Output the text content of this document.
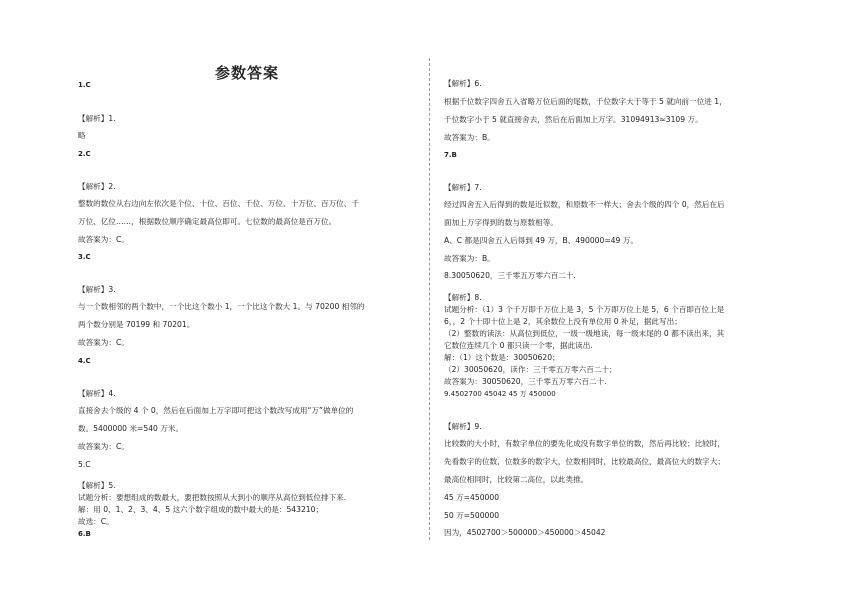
参数答案
1.C
【解析】1.
略
2.C
【解析】2.
整数的数位从右边向左依次是个位、十位、百位、千位、万位、十万位、百万位、千
万位、亿位……，根据数位顺序确定最高位即可。七位数的最高位是百万位。
故答案为：C。
3.C
【解析】3.
与一个数相邻的两个数中，一个比这个数小 1，一个比这个数大 1。与 70200 相邻的
两个数分别是 70199 和 70201。
故答案为：C。
4.C
【解析】4.
直接舍去个级的 4 个 0，然后在后面加上万字即可把这个数改写成用“万”做单位的
数。5400000 米=540 万米。
故答案为：C。
5.C
【解析】5.
试题分析：要想组成的数最大，要把数按照从大到小的顺序从高位到低位排下来.
解：用 0、1、2、3、4、5 这六个数字组成的数中最大的是：543210；
故选：C。
6.B
【解析】6.
根据千位数字四舍五入省略万位后面的尾数，千位数字大于等于 5 就向前一位进 1，
千位数字小于 5 就直接舍去，然后在后面加上万字。31094913≈3109 万。
故答案为：B。
7.B
【解析】7.
经过四舍五入后得到的数是近似数，和原数不一样大；舍去个级的四个 0，然后在后
面加上万字得到的数与原数相等。
A、C 都是四舍五入后得到 49 万，B、490000=49 万。
故答案为：B。
8.30050620，三千零五万零六百二十.
【解析】8.
试题分析：（1）3 个千万即千万位上是 3，5 个万即万位上是 5，6 个百即百位上是
6，，2 个十即十位上是 2，其余数位上没有单位用 0 补足，据此写出；
（2）整数的读法：从高位到低位，一级一级地读，每一级末尾的 0 都不读出来，其
它数位连续几个 0 都只读一个零，据此读出.
解：（1）这个数是：30050620；
（2）30050620，读作：三千零五万零六百二十；
故答案为：30050620，三千零五万零六百二十.
9.4502700 45042 45 万 450000
【解析】9.
比较数的大小时，有数字单位的要先化成没有数字单位的数，然后再比较；比较时，
先看数字的位数，位数多的数字大，位数相同时，比较最高位，最高位大的数字大；
最高位相同时，比较第二高位，以此类推。
45 万=450000
50 万=500000
因为，4502700＞500000＞450000＞45042
